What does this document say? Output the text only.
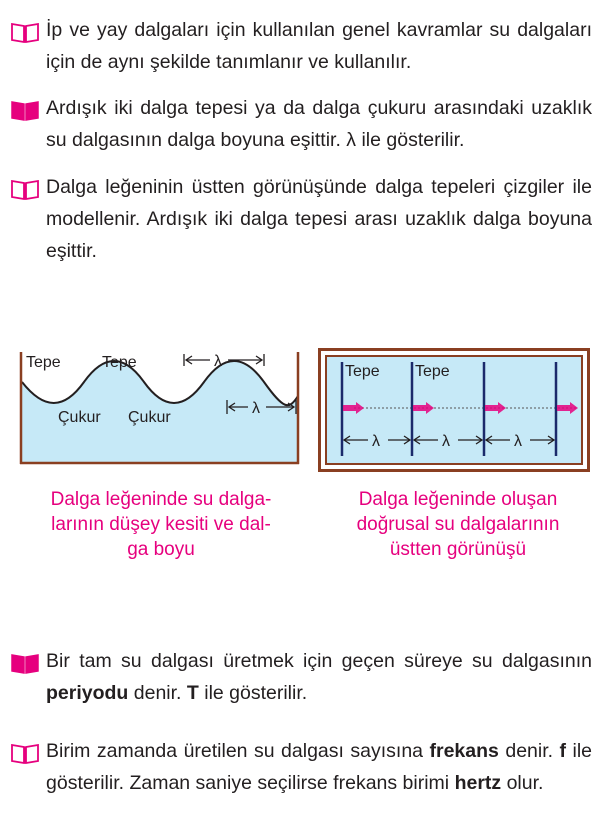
İp ve yay dalgaları için kullanılan genel kavramlar su dalgaları için de aynı şekilde tanımlanır ve kullanılır.
Ardışık iki dalga tepesi ya da dalga çukuru arasındaki uzaklık su dalgasının dalga boyuna eşittir. λ ile gösterilir.
Dalga leğeninin üstten görünüşünde dalga tepeleri çizgiler ile modellenir. Ardışık iki dalga tepesi arası uzaklık dalga boyuna eşittir.
Tepe	Tepe
Çukur Çukur
λ
λ
Tepe Tepe
λ	λ	λ
Dalga leğeninde su dalga-
larının düşey kesiti ve dal-
ga boyu
Dalga leğeninde oluşan
doğrusal su dalgalarının
üstten görünüşü
Bir tam su dalgası üretmek için geçen süreye su dalgasının periyodu denir. T ile gösterilir.
Birim zamanda üretilen su dalgası sayısına frekans denir. f ile gösterilir. Zaman saniye seçilirse frekans birimi hertz olur.
